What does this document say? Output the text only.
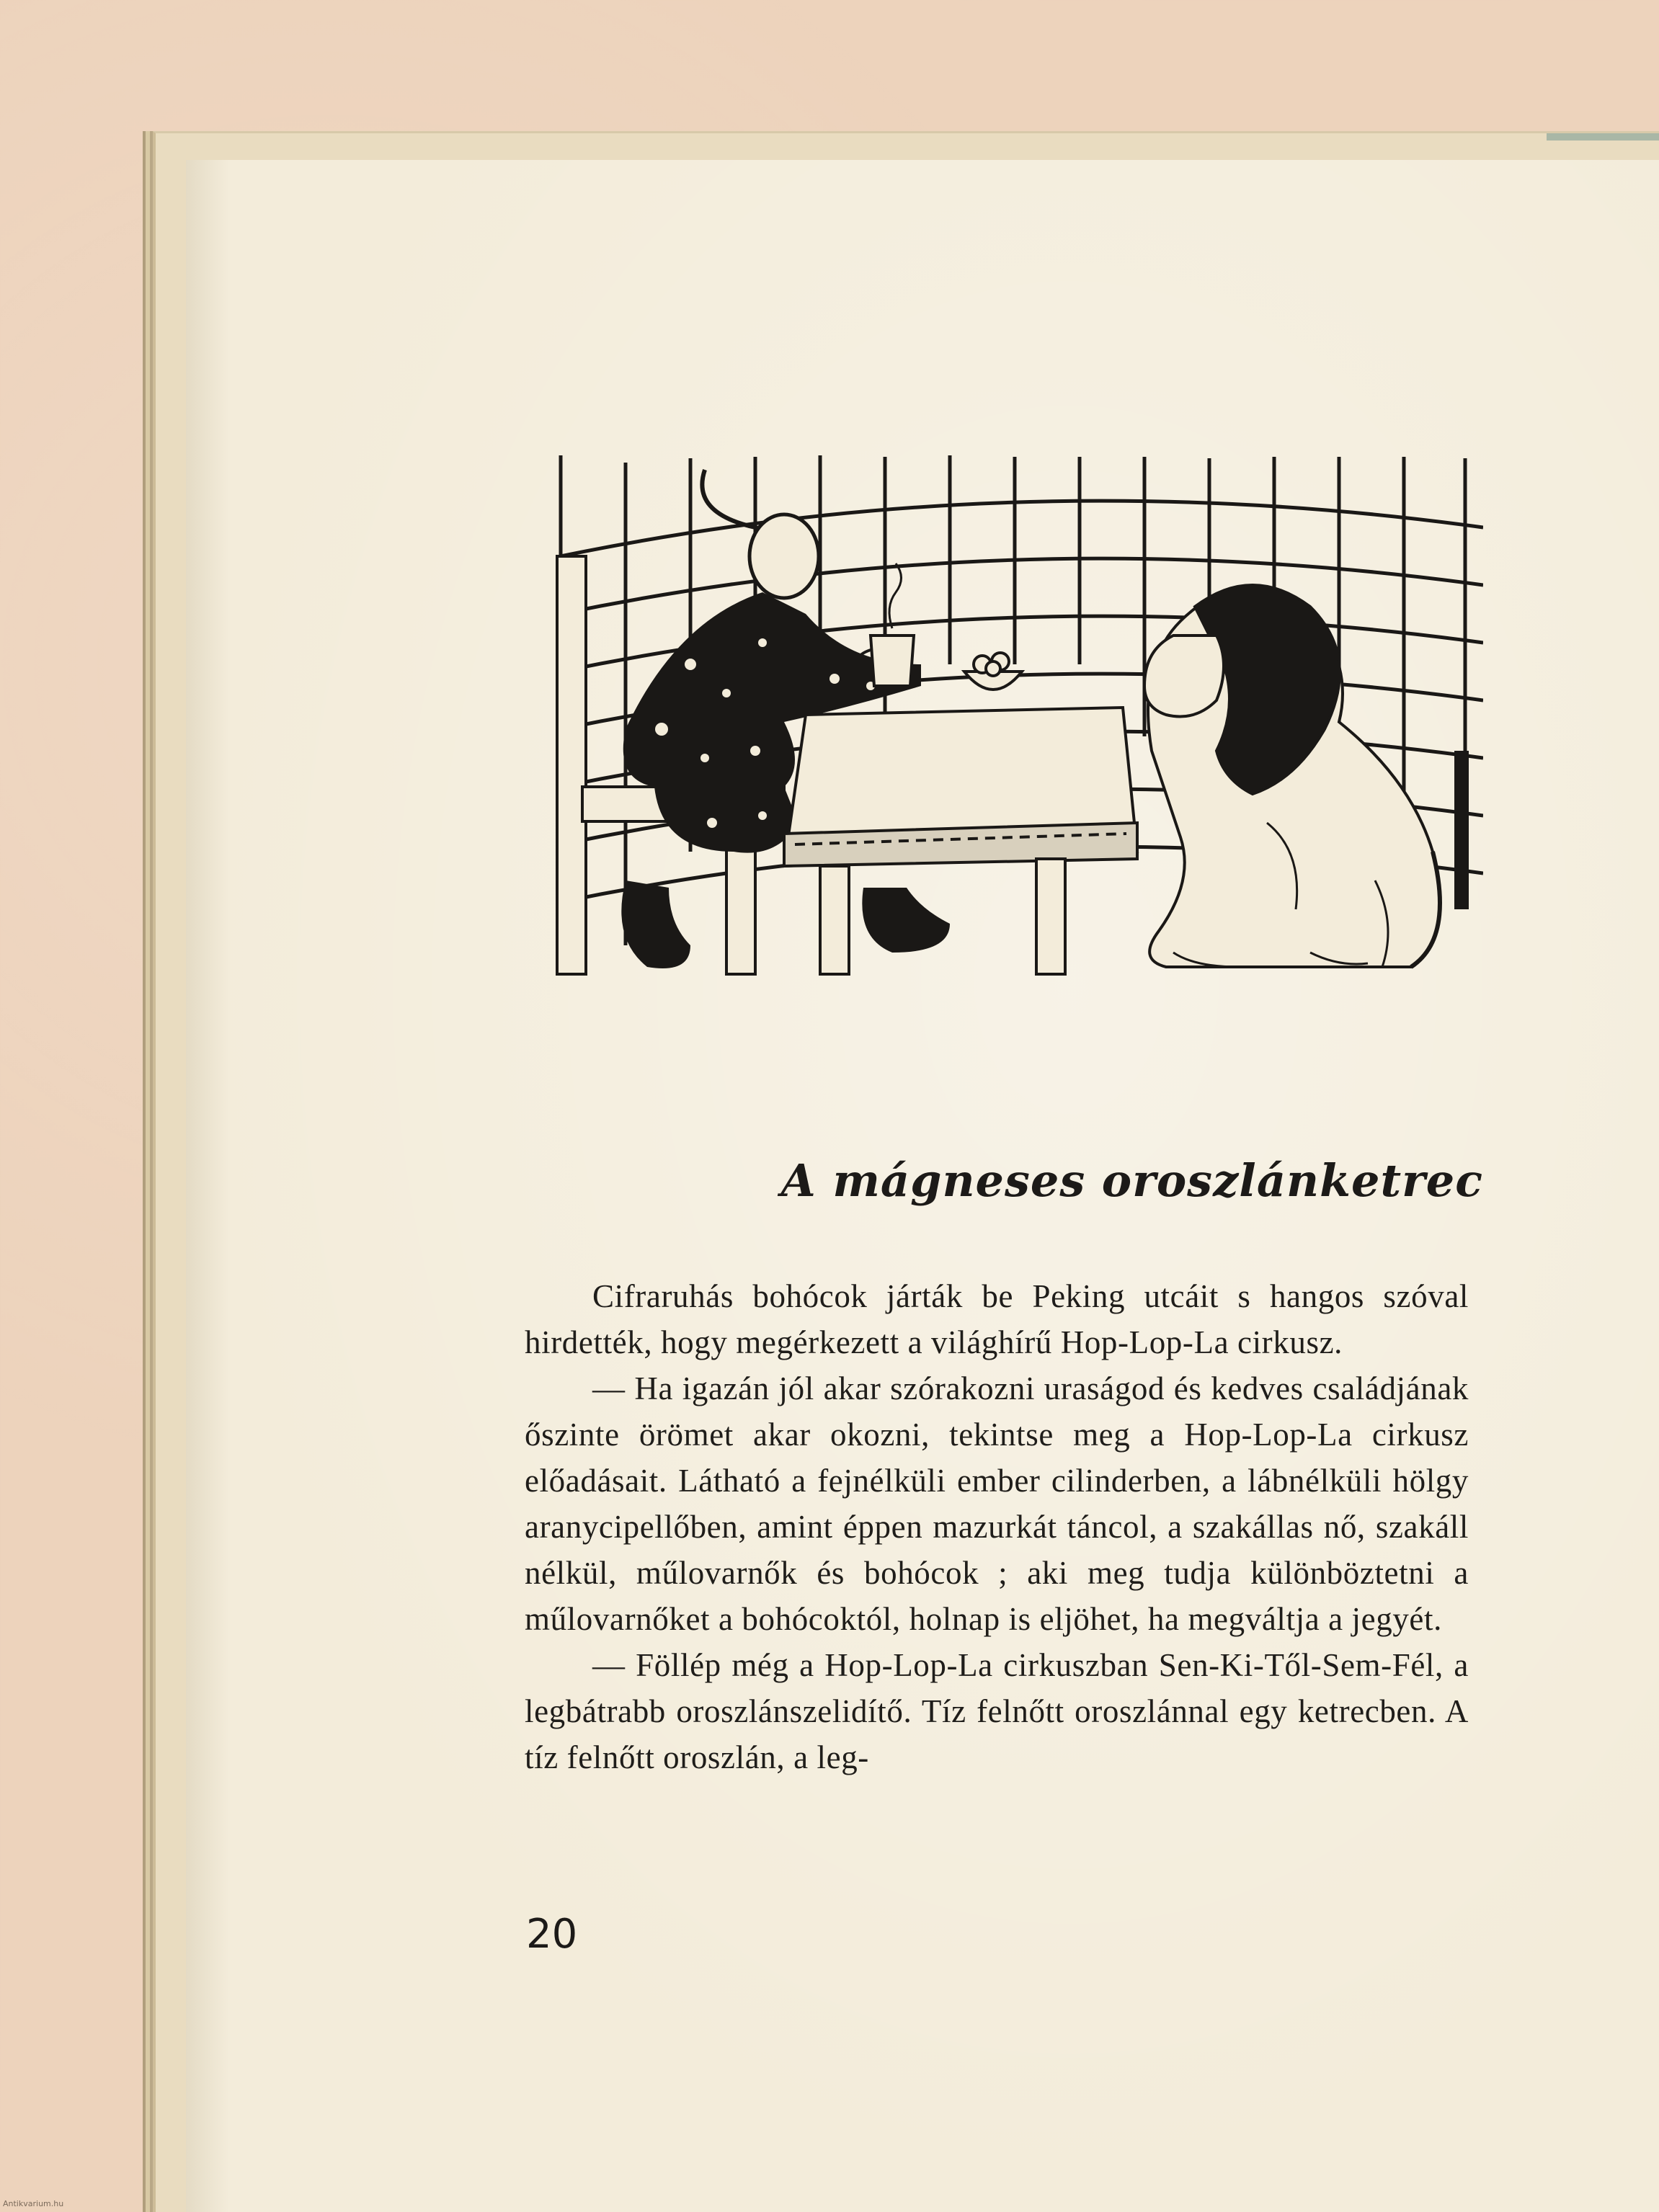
A mágneses oroszlánketrec

Cifraruhás bohócok járták be Peking utcáit s hangos szóval hirdették, hogy megérkezett a világhírű Hop-Lop-La cirkusz.

— Ha igazán jól akar szórakozni uraságod és kedves családjának őszinte örömet akar okozni, tekintse meg a Hop-Lop-La cirkusz előadásait. Látható a fejnélküli ember cilinderben, a lábnélküli hölgy aranycipellőben, amint éppen mazurkát táncol, a szakállas nő, szakáll nélkül, műlovarnők és bohócok ; aki meg tudja különböztetni a műlovarnőket a bohócoktól, holnap is eljöhet, ha megváltja a jegyét.

— Föllép még a Hop-Lop-La cirkuszban Sen-Ki-Től-Sem-Fél, a legbátrabb oroszlánszelidítő. Tíz felnőtt oroszlánnal egy ketrecben. A tíz felnőtt oroszlán, a leg-

20
Antikvarium.hu
